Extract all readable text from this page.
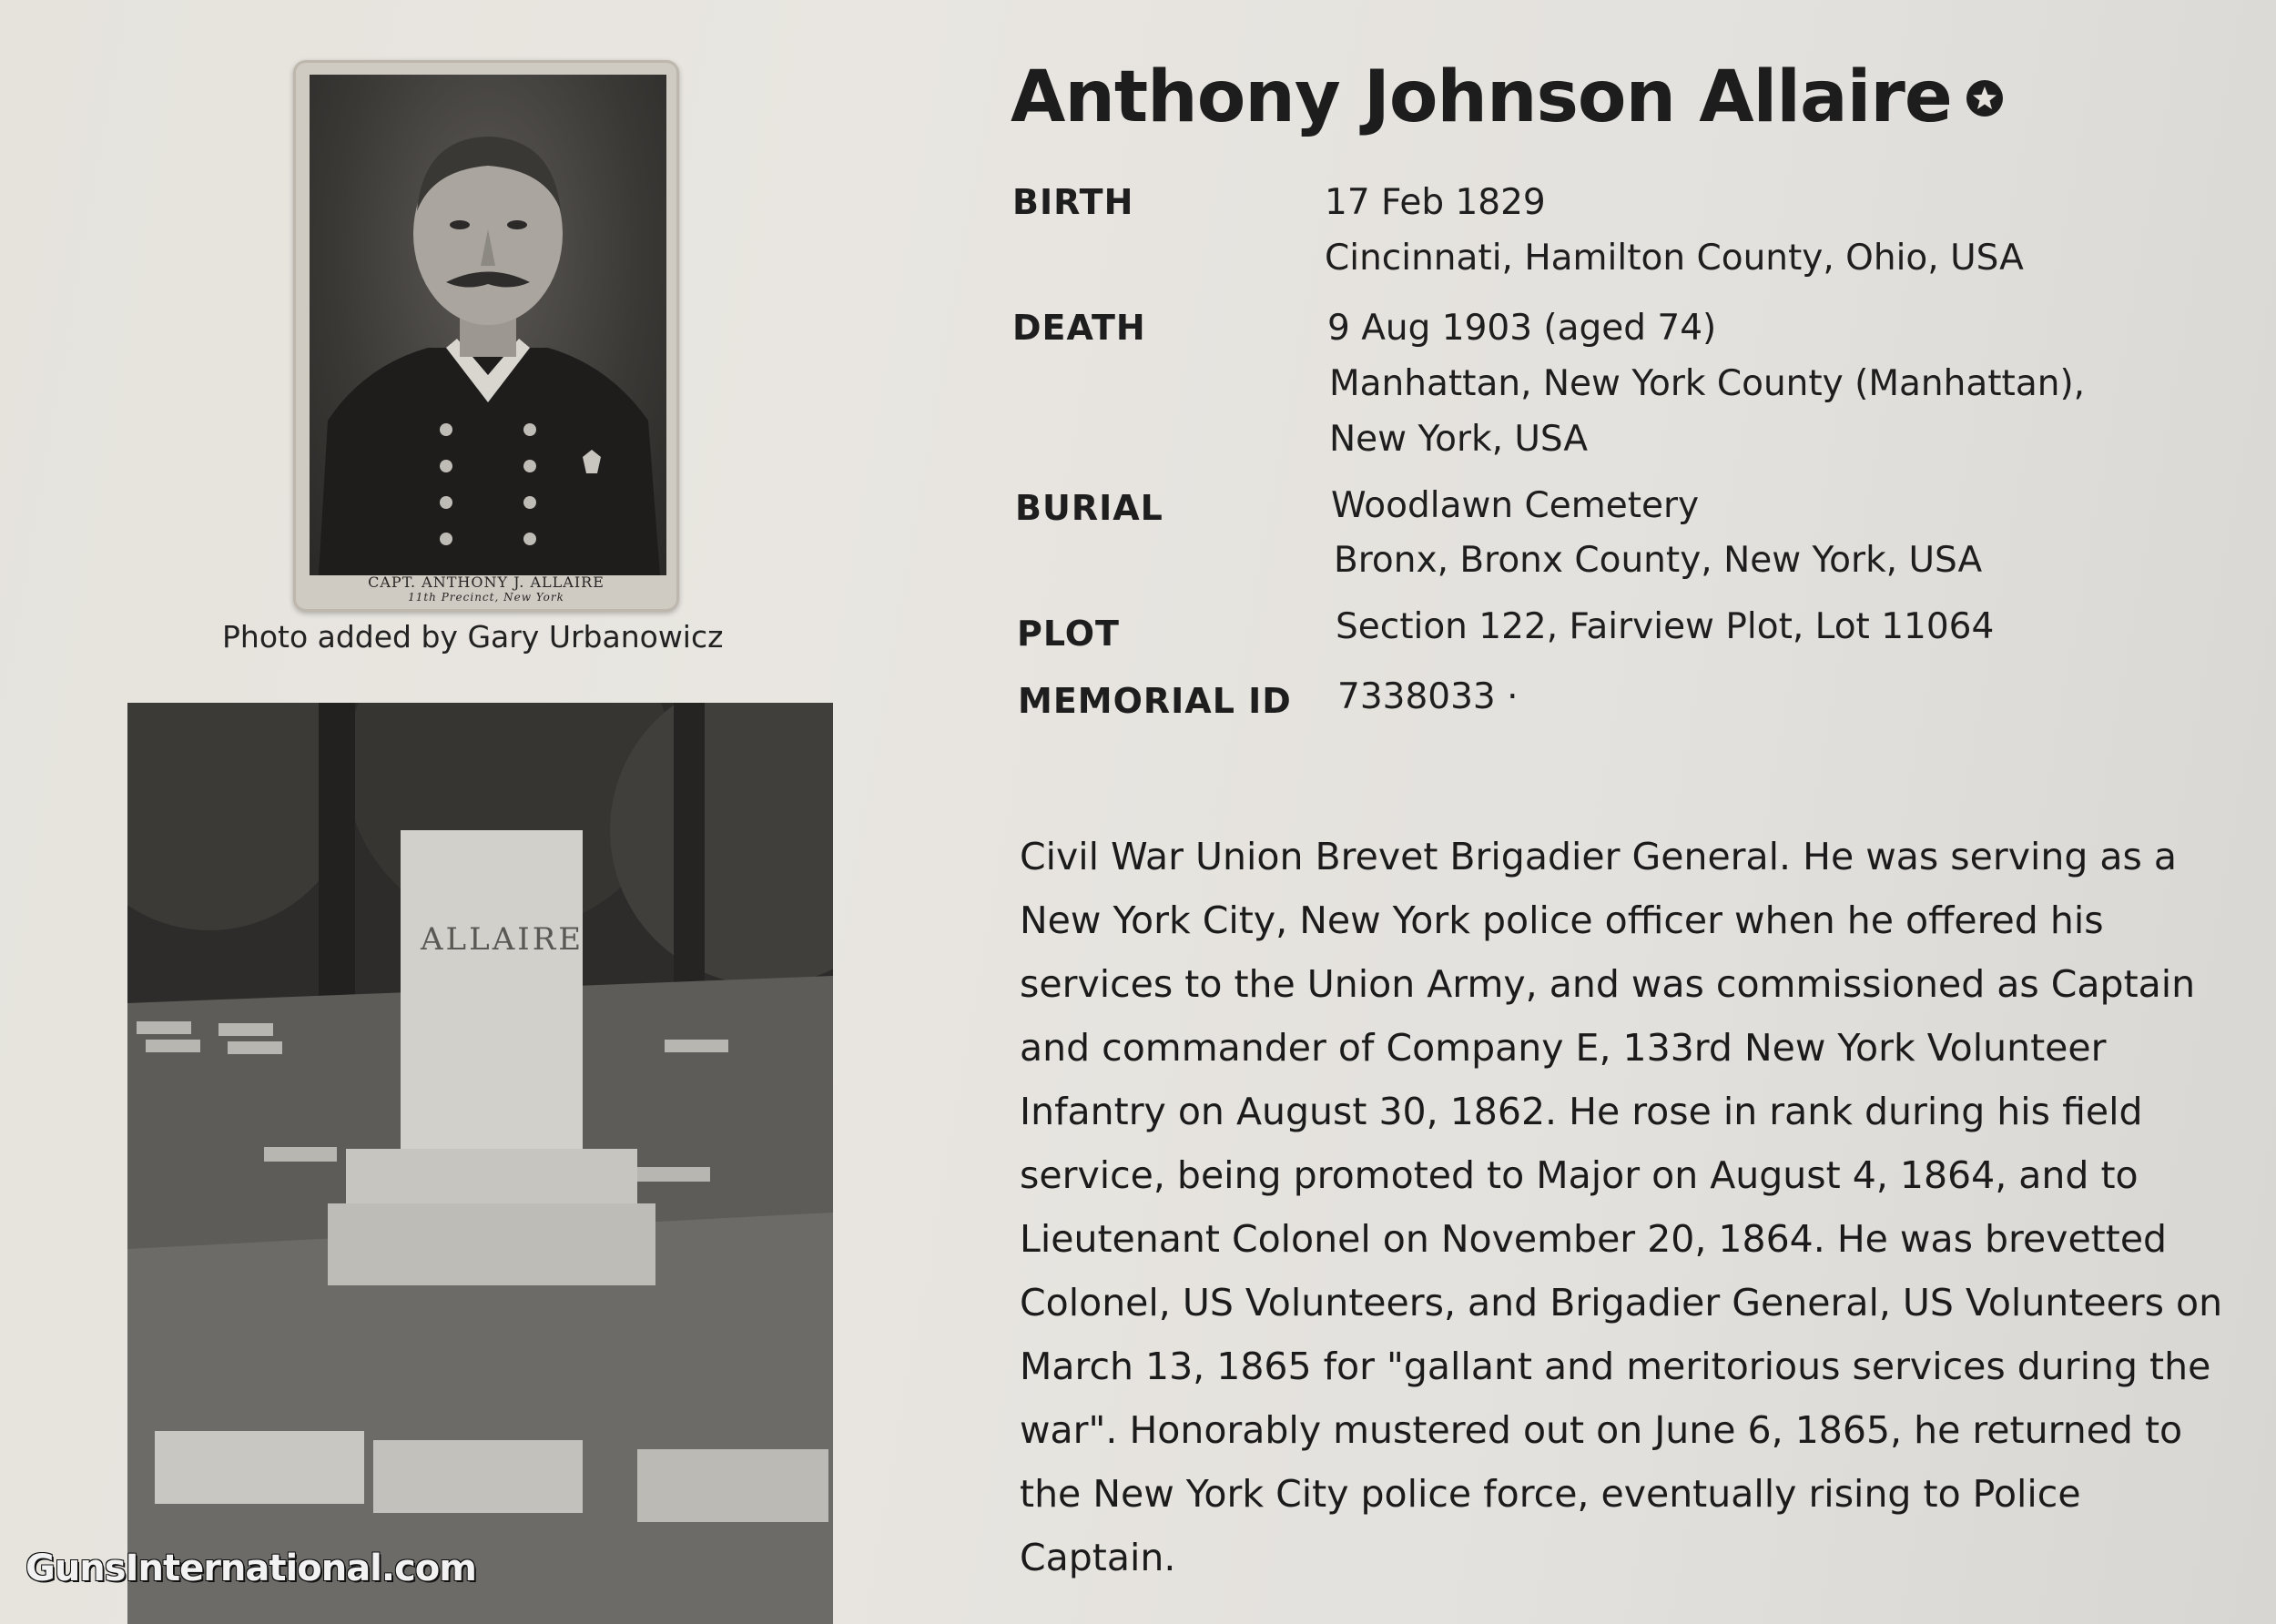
CAPT. ANTHONY J. ALLAIRE
11th Precinct, New York
Photo added by Gary Urbanowicz
ALLAIRE
GunsInternational.com
Anthony Johnson Allaire
BIRTH	17 Feb 1829
Cincinnati, Hamilton County, Ohio, USA
DEATH	9 Aug 1903 (aged 74)
Manhattan, New York County (Manhattan),
New York, USA
BURIAL	Woodlawn Cemetery
Bronx, Bronx County, New York, USA
PLOT	Section 122, Fairview Plot, Lot 11064
MEMORIAL ID 7338033 ·
Civil War Union Brevet Brigadier General. He was serving as a
New York City, New York police officer when he offered his
services to the Union Army, and was commissioned as Captain
and commander of Company E, 133rd New York Volunteer
Infantry on August 30, 1862. He rose in rank during his field
service, being promoted to Major on August 4, 1864, and to
Lieutenant Colonel on November 20, 1864. He was brevetted
Colonel, US Volunteers, and Brigadier General, US Volunteers on
March 13, 1865 for "gallant and meritorious services during the
war". Honorably mustered out on June 6, 1865, he returned to
the New York City police force, eventually rising to Police
Captain.
